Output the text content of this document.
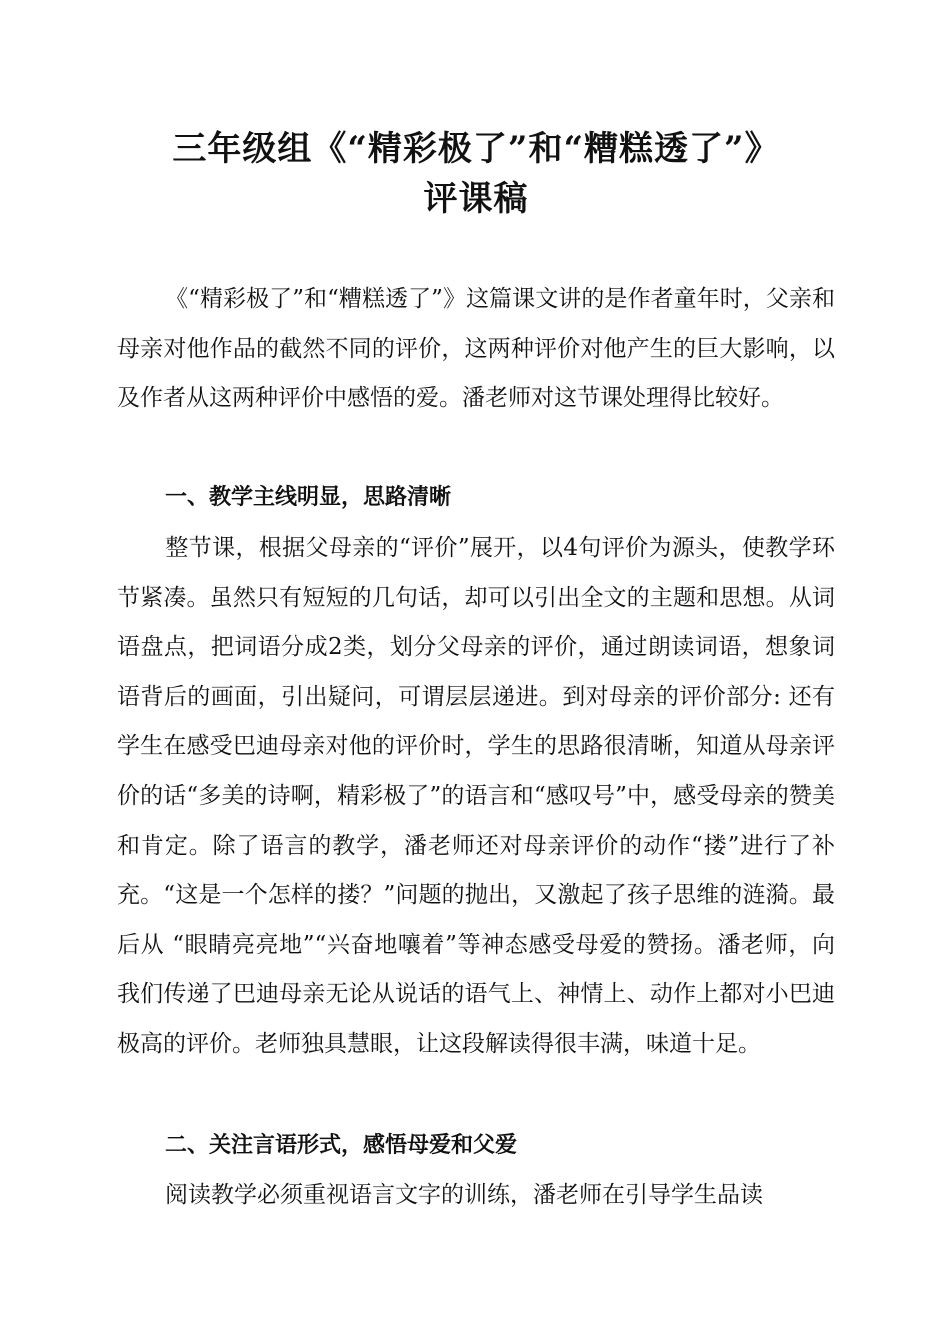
三年级组《“精彩极了”和“糟糕透了”》
评课稿

《“精彩极了”和“糟糕透了”》这篇课文讲的是作者童年时，父亲和母亲对他作品的截然不同的评价，这两种评价对他产生的巨大影响，以及作者从这两种评价中感悟的爱。潘老师对这节课处理得比较好。

一、教学主线明显，思路清晰

整节课，根据父母亲的“评价”展开，以4句评价为源头，使教学环节紧凑。虽然只有短短的几句话，却可以引出全文的主题和思想。从词语盘点，把词语分成2类，划分父母亲的评价，通过朗读词语，想象词语背后的画面，引出疑问，可谓层层递进。到对母亲的评价部分: 还有学生在感受巴迪母亲对他的评价时，学生的思路很清晰，知道从母亲评价的话“多美的诗啊，精彩极了”的语言和“感叹号”中，感受母亲的赞美和肯定。除了语言的教学，潘老师还对母亲评价的动作“搂”进行了补充。“这是一个怎样的搂？”问题的抛出，又激起了孩子思维的涟漪。最后从 “眼睛亮亮地”“兴奋地嚷着”等神态感受母爱的赞扬。潘老师，向我们传递了巴迪母亲无论从说话的语气上、神情上、动作上都对小巴迪极高的评价。老师独具慧眼，让这段解读得很丰满，味道十足。

二、关注言语形式，感悟母爱和父爱

阅读教学必须重视语言文字的训练，潘老师在引导学生品读
